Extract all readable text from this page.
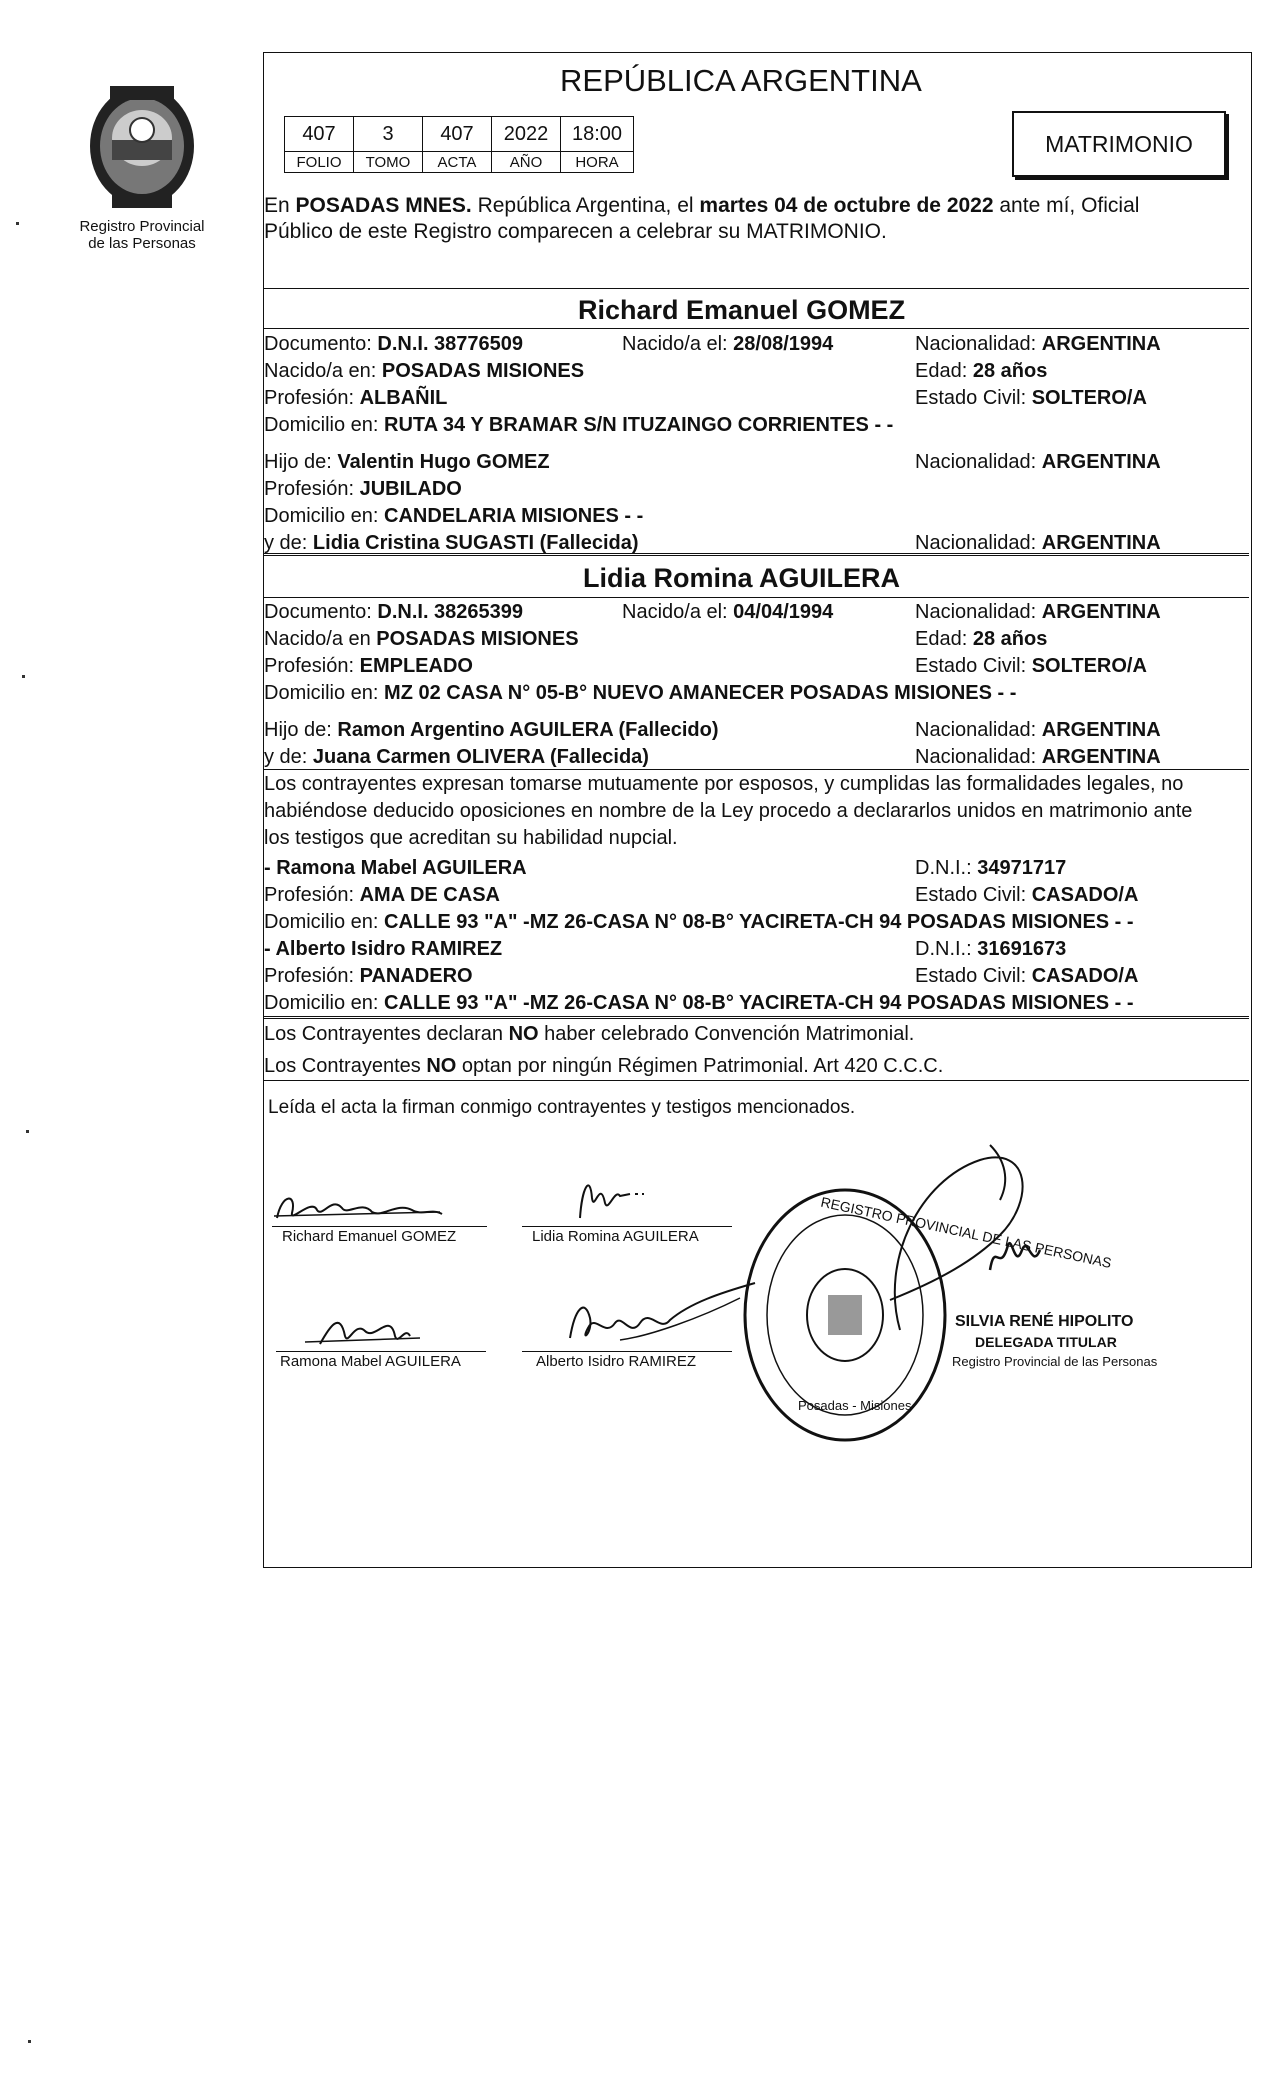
Registro Provincial
de las Personas
REPÚBLICA ARGENTINA
407	3	407	2022	18:00
FOLIO	TOMO	ACTA	AÑO	HORA
MATRIMONIO
En POSADAS MNES. República Argentina, el martes 04 de octubre de 2022 ante mí, Oficial
Público de este Registro comparecen a celebrar su MATRIMONIO.
Richard Emanuel GOMEZ
Documento: D.N.I. 38776509	Nacido/a el: 28/08/1994	Nacionalidad: ARGENTINA
Nacido/a en: POSADAS MISIONES	Edad: 28 años
Profesión: ALBAÑIL	Estado Civil: SOLTERO/A
Domicilio en: RUTA 34 Y BRAMAR S/N ITUZAINGO CORRIENTES - -
Hijo de: Valentin Hugo GOMEZ	Nacionalidad: ARGENTINA
Profesión: JUBILADO
Domicilio en: CANDELARIA MISIONES - -
y de: Lidia Cristina SUGASTI (Fallecida)	Nacionalidad: ARGENTINA
Lidia Romina AGUILERA
Documento: D.N.I. 38265399	Nacido/a el: 04/04/1994	Nacionalidad: ARGENTINA
Nacido/a en POSADAS MISIONES	Edad: 28 años
Profesión: EMPLEADO	Estado Civil: SOLTERO/A
Domicilio en: MZ 02 CASA N° 05-B° NUEVO AMANECER POSADAS MISIONES - -
Hijo de: Ramon Argentino AGUILERA (Fallecido)	Nacionalidad: ARGENTINA
y de: Juana Carmen OLIVERA (Fallecida)	Nacionalidad: ARGENTINA
Los contrayentes expresan tomarse mutuamente por esposos, y cumplidas las formalidades legales, no
habiéndose deducido oposiciones en nombre de la Ley procedo a declararlos unidos en matrimonio ante
los testigos que acreditan su habilidad nupcial.
- Ramona Mabel AGUILERA	D.N.I.: 34971717
Profesión: AMA DE CASA	Estado Civil: CASADO/A
Domicilio en: CALLE 93 "A" -MZ 26-CASA N° 08-B° YACIRETA-CH 94 POSADAS MISIONES - -
- Alberto Isidro RAMIREZ	D.N.I.: 31691673
Profesión: PANADERO	Estado Civil: CASADO/A
Domicilio en: CALLE 93 "A" -MZ 26-CASA N° 08-B° YACIRETA-CH 94 POSADAS MISIONES - -
Los Contrayentes declaran NO haber celebrado Convención Matrimonial.
Los Contrayentes NO optan por ningún Régimen Patrimonial. Art 420 C.C.C.
Leída el acta la firman conmigo contrayentes y testigos mencionados.
Richard Emanuel GOMEZ	Lidia Romina AGUILERA
Ramona Mabel AGUILERA	Alberto Isidro RAMIREZ
REGISTRO PROVINCIAL DE LAS PERSONAS
Posadas - Misiones
SILVIA RENÉ HIPOLITO
DELEGADA TITULAR
Registro Provincial de las Personas
